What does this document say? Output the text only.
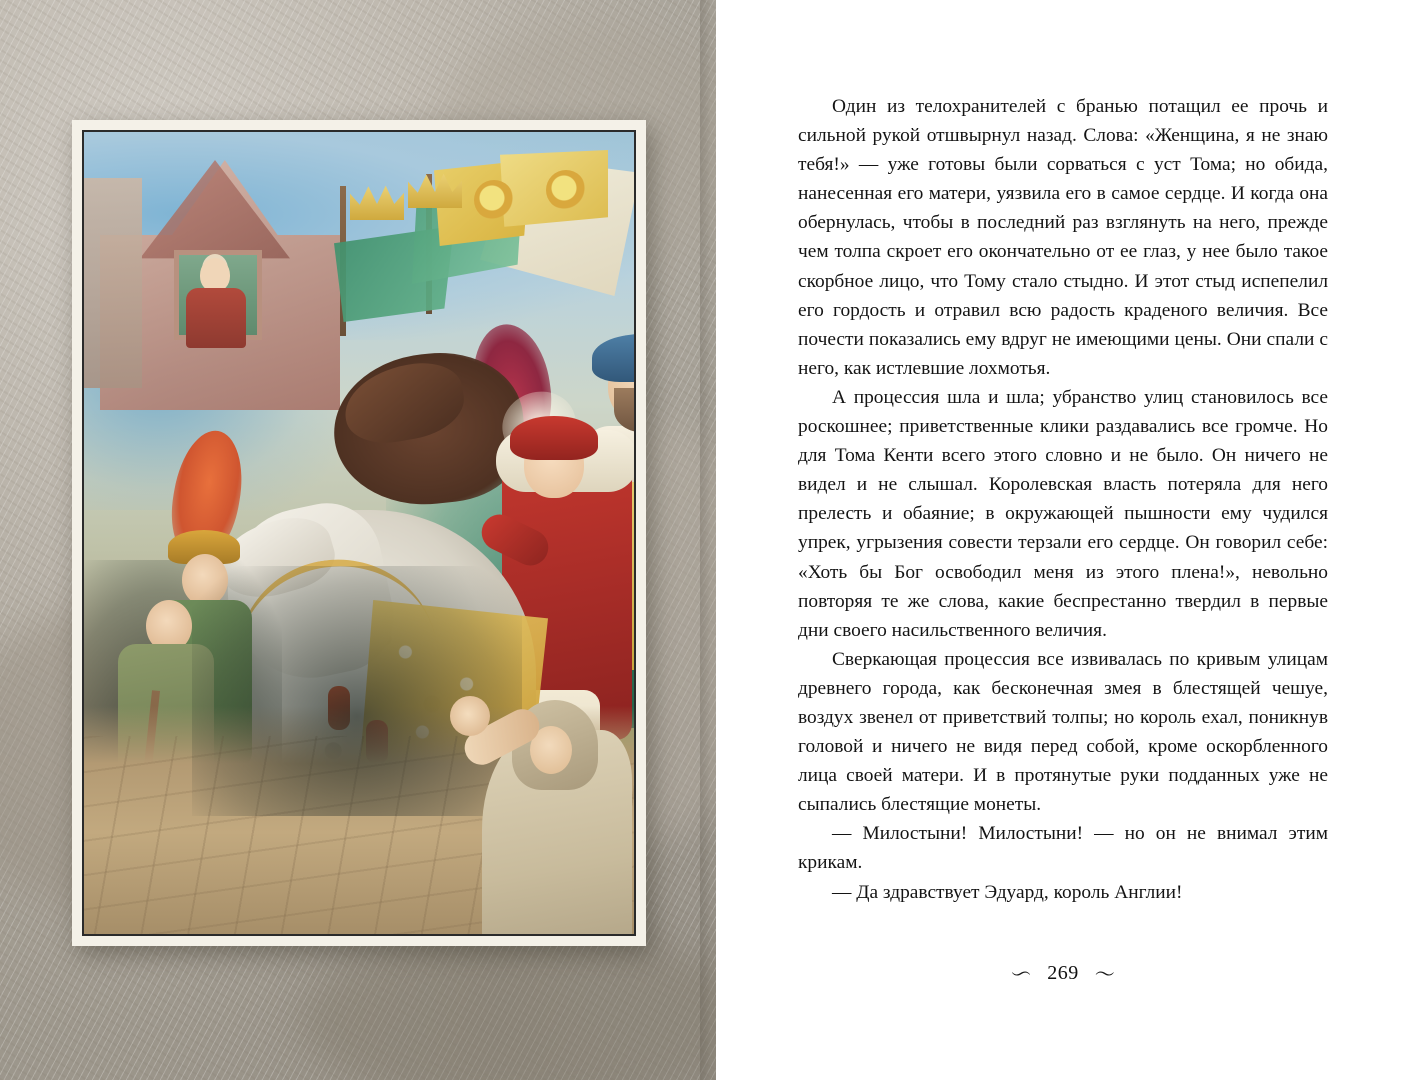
Один из телохранителей с бранью потащил ее прочь и сильной рукой отшвырнул назад. Слова: «Женщина, я не знаю тебя!» — уже готовы были сорваться с уст Тома; но обида, нанесенная его матери, уязвила его в самое сердце. И когда она обернулась, чтобы в последний раз взглянуть на него, прежде чем толпа скроет его окончательно от ее глаз, у нее было такое скорбное лицо, что Тому стало стыдно. И этот стыд испепелил его гордость и отравил всю радость краденого величия. Все почести показались ему вдруг не имеющими цены. Они спали с него, как истлевшие лохмотья.

А процессия шла и шла; убранство улиц становилось все роскошнее; приветственные клики раздавались все громче. Но для Тома Кенти всего этого словно и не было. Он ничего не видел и не слышал. Королевская власть потеряла для него прелесть и обаяние; в окружающей пышности ему чудился упрек, угрызения совести терзали его сердце. Он говорил себе: «Хоть бы Бог освободил меня из этого плена!», невольно повторяя те же слова, какие беспрестанно твердил в первые дни своего насильственного величия.

Сверкающая процессия все извивалась по кривым улицам древнего города, как бесконечная змея в блестящей чешуе, воздух звенел от приветствий толпы; но король ехал, поникнув головой и ничего не видя перед собой, кроме оскорбленного лица своей матери. И в протянутые руки подданных уже не сыпались блестящие монеты.

— Милостыни! Милостыни! — но он не внимал этим крикам.

— Да здравствует Эдуард, король Англии!

〜 269 〜
